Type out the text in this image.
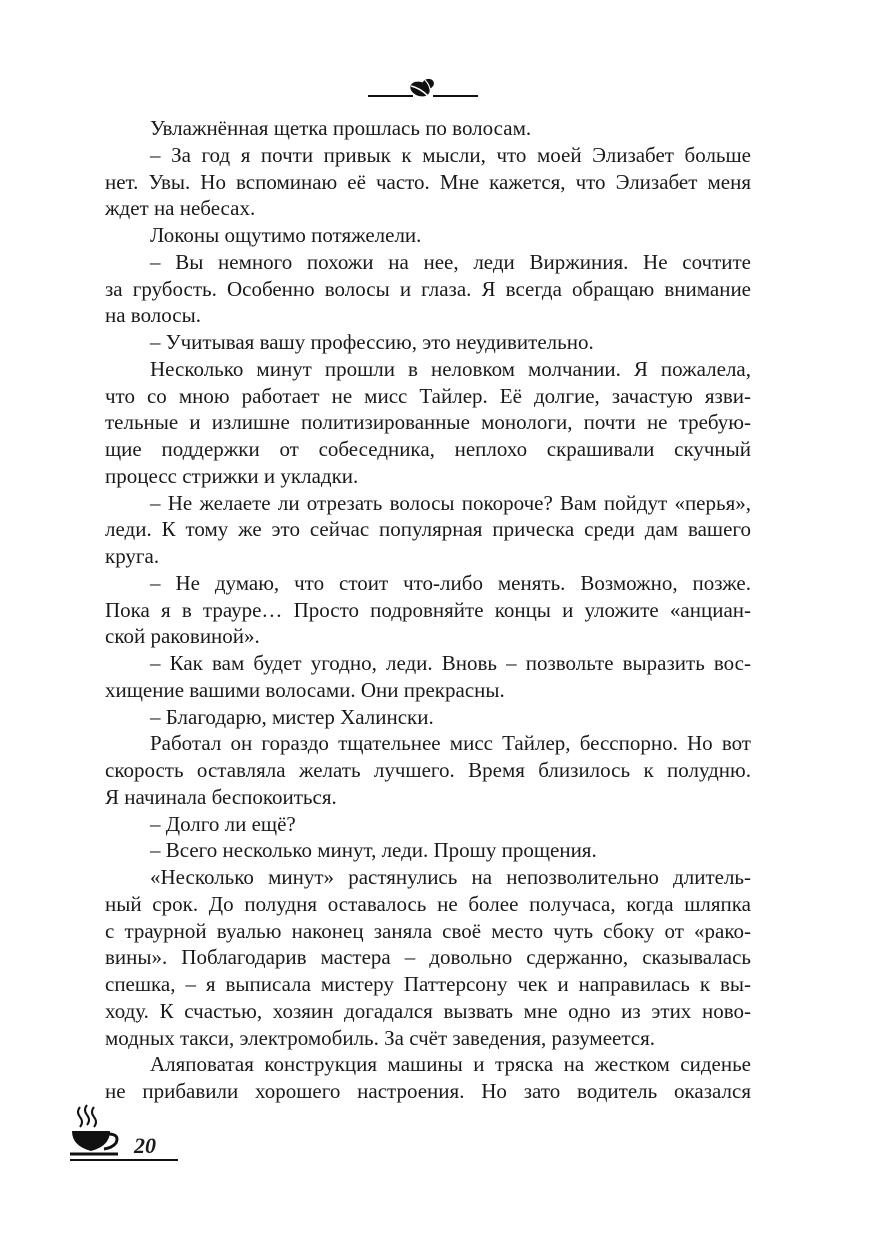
Увлажнённая щетка прошлась по волосам.
– За год я почти привык к мысли, что моей Элизабет больше
нет. Увы. Но вспоминаю её часто. Мне кажется, что Элизабет меня
ждет на небесах.
Локоны ощутимо потяжелели.
– Вы немного похожи на нее, леди Виржиния. Не сочтите
за грубость. Особенно волосы и глаза. Я всегда обращаю внимание
на волосы.
– Учитывая вашу профессию, это неудивительно.
Несколько минут прошли в неловком молчании. Я пожалела,
что со мною работает не мисс Тайлер. Её долгие, зачастую язви-
тельные и излишне политизированные монологи, почти не требую-
щие поддержки от собеседника, неплохо скрашивали скучный
процесс стрижки и укладки.
– Не желаете ли отрезать волосы покороче? Вам пойдут «перья»,
леди. К тому же это сейчас популярная прическа среди дам вашего
круга.
– Не думаю, что стоит что-либо менять. Возможно, позже.
Пока я в трауре… Просто подровняйте концы и уложите «анциан-
ской раковиной».
– Как вам будет угодно, леди. Вновь – позвольте выразить вос-
хищение вашими волосами. Они прекрасны.
– Благодарю, мистер Халински.
Работал он гораздо тщательнее мисс Тайлер, бесспорно. Но вот
скорость оставляла желать лучшего. Время близилось к полудню.
Я начинала беспокоиться.
– Долго ли ещё?
– Всего несколько минут, леди. Прошу прощения.
«Несколько минут» растянулись на непозволительно длитель-
ный срок. До полудня оставалось не более получаса, когда шляпка
с траурной вуалью наконец заняла своё место чуть сбоку от «рако-
вины». Поблагодарив мастера – довольно сдержанно, сказывалась
спешка, – я выписала мистеру Паттерсону чек и направилась к вы-
ходу. К счастью, хозяин догадался вызвать мне одно из этих ново-
модных такси, электромобиль. За счёт заведения, разумеется.
Аляповатая конструкция машины и тряска на жестком сиденье
не прибавили хорошего настроения. Но зато водитель оказался
20
